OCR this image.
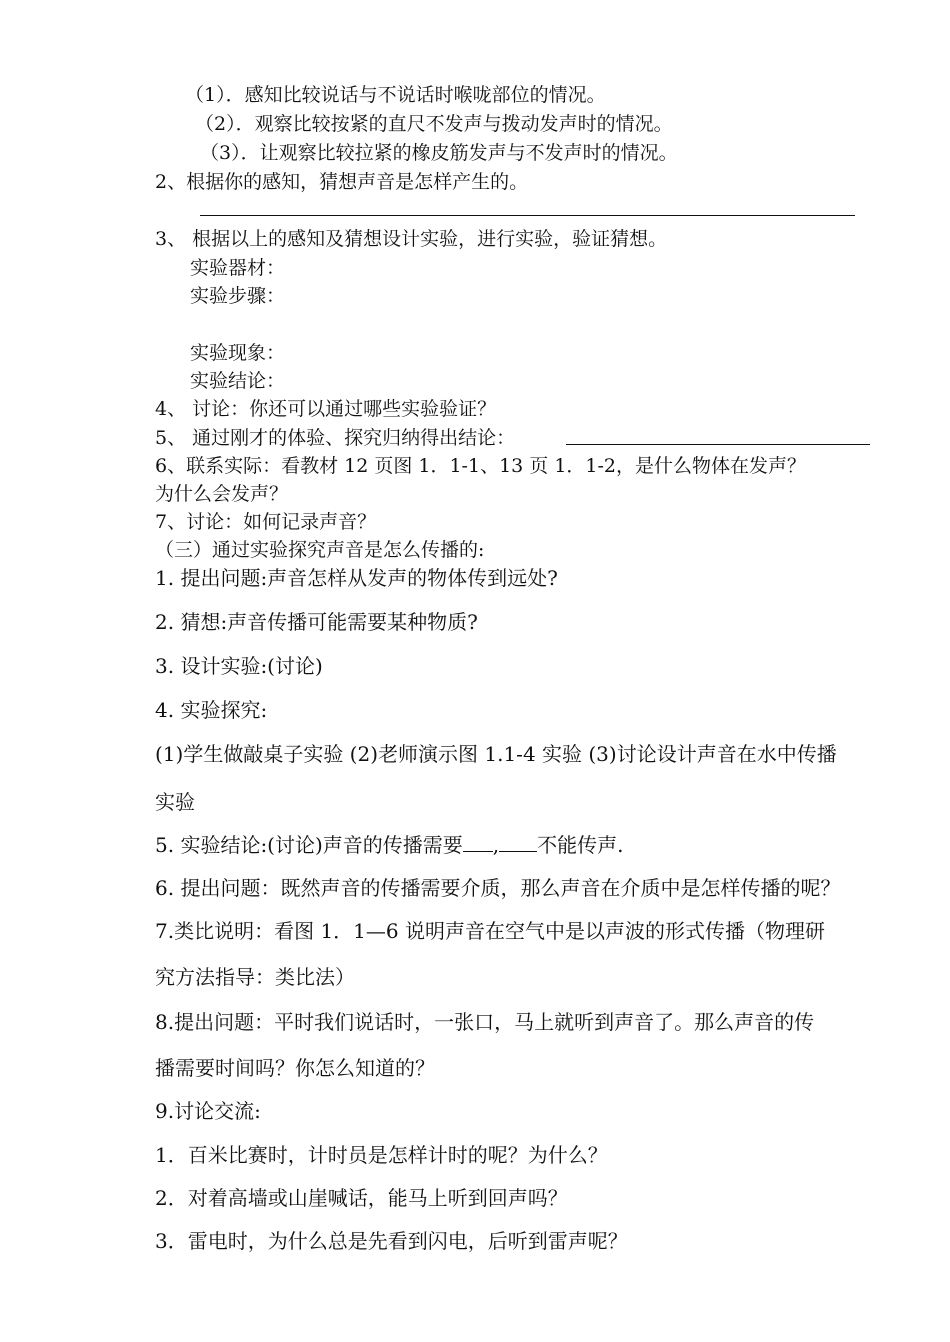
（1）．感知比较说话与不说话时喉咙部位的情况。
（2）．观察比较按紧的直尺不发声与拨动发声时的情况。
（3）．让观察比较拉紧的橡皮筋发声与不发声时的情况。
2、根据你的感知，猜想声音是怎样产生的。
3、 根据以上的感知及猜想设计实验，进行实验，验证猜想。
实验器材：
实验步骤：
实验现象：
实验结论：
4、 讨论：你还可以通过哪些实验验证？
5、 通过刚才的体验、探究归纳得出结论：
6、联系实际：看教材 12 页图 1．1-1、13 页 1．1-2，是什么物体在发声？
为什么会发声？
7、讨论：如何记录声音？
（三）通过实验探究声音是怎么传播的:
1. 提出问题:声音怎样从发声的物体传到远处?
2. 猜想:声音传播可能需要某种物质?
3. 设计实验:(讨论)
4. 实验探究:
(1)学生做敲桌子实验 (2)老师演示图 1.1-4 实验 (3)讨论设计声音在水中传播
实验
5. 实验结论:(讨论)声音的传播需要 , 不能传声.
6. 提出问题：既然声音的传播需要介质，那么声音在介质中是怎样传播的呢？
7.类比说明：看图 1．1—6 说明声音在空气中是以声波的形式传播（物理研
究方法指导：类比法）
8.提出问题：平时我们说话时，一张口，马上就听到声音了。那么声音的传
播需要时间吗？你怎么知道的？
9.讨论交流:
1．百米比赛时，计时员是怎样计时的呢？为什么？
2．对着高墙或山崖喊话，能马上听到回声吗？
3．雷电时，为什么总是先看到闪电，后听到雷声呢？
